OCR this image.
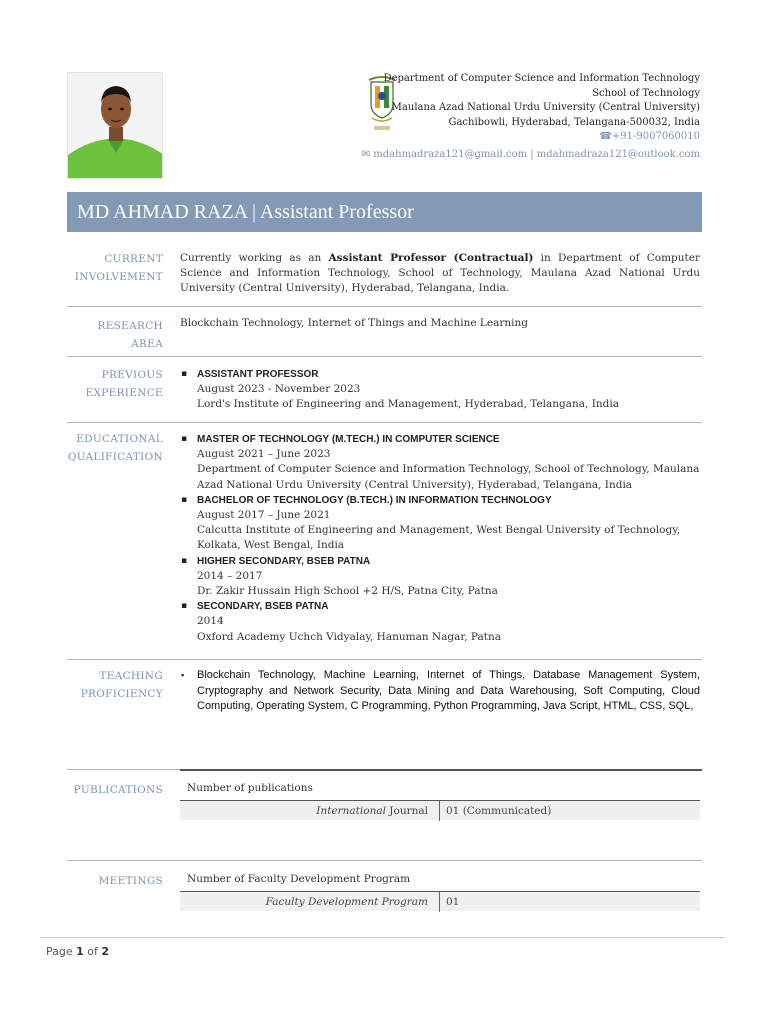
Department of Computer Science and Information Technology
School of Technology
Maulana Azad National Urdu University (Central University)
Gachibowli, Hyderabad, Telangana-500032, India
☎+91-9007060010
✉ mdahmadraza121@gmail.com | mdahmadraza121@outlook.com
MD AHMAD RAZA | Assistant Professor
CURRENT
INVOLVEMENT
Currently working as an Assistant Professor (Contractual) in Department of Computer Science and Information Technology, School of Technology, Maulana Azad National Urdu University (Central University), Hyderabad, Telangana, India.
RESEARCH AREA
Blockchain Technology, Internet of Things and Machine Learning
PREVIOUS
EXPERIENCE
▪ ASSISTANT PROFESSOR
August 2023 - November 2023
Lord's Institute of Engineering and Management, Hyderabad, Telangana, India
EDUCATIONAL
QUALIFICATION
▪ MASTER OF TECHNOLOGY (M.TECH.) IN COMPUTER SCIENCE
August 2021 – June 2023
Department of Computer Science and Information Technology, School of Technology, Maulana Azad National Urdu University (Central University), Hyderabad, Telangana, India
▪ BACHELOR OF TECHNOLOGY (B.TECH.) IN INFORMATION TECHNOLOGY
August 2017 – June 2021
Calcutta Institute of Engineering and Management, West Bengal University of Technology, Kolkata, West Bengal, India
▪ HIGHER SECONDARY, BSEB PATNA
2014 – 2017
Dr. Zakir Hussain High School +2 H/S, Patna City, Patna
▪ SECONDARY, BSEB PATNA
2014
Oxford Academy Uchch Vidyalay, Hanuman Nagar, Patna
TEACHING
PROFICIENCY
▪ Blockchain Technology, Machine Learning, Internet of Things, Database Management System, Cryptography and Network Security, Data Mining and Data Warehousing, Soft Computing, Cloud Computing, Operating System, C Programming, Python Programming, Java Script, HTML, CSS, SQL,
PUBLICATIONS Number of publications
International Journal	01 (Communicated)
MEETINGS Number of Faculty Development Program
Faculty Development Program	01
Page 1 of 2
